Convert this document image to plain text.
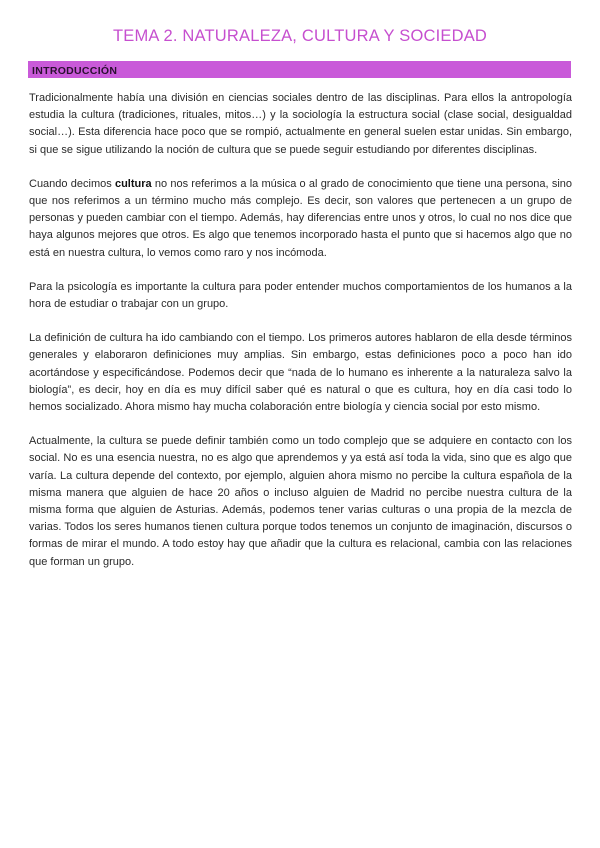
TEMA 2. NATURALEZA, CULTURA Y SOCIEDAD
INTRODUCCIÓN

Tradicionalmente había una división en ciencias sociales dentro de las disciplinas. Para ellos la antropología estudia la cultura (tradiciones, rituales, mitos…) y la sociología la estructura social (clase social, desigualdad social…). Esta diferencia hace poco que se rompió, actualmente en general suelen estar unidas. Sin embargo, si que se sigue utilizando la noción de cultura que se puede seguir estudiando por diferentes disciplinas.

Cuando decimos cultura no nos referimos a la música o al grado de conocimiento que tiene una persona, sino que nos referimos a un término mucho más complejo. Es decir, son valores que pertenecen a un grupo de personas y pueden cambiar con el tiempo. Además, hay diferencias entre unos y otros, lo cual no nos dice que haya algunos mejores que otros. Es algo que tenemos incorporado hasta el punto que si hacemos algo que no está en nuestra cultura, lo vemos como raro y nos incómoda.

Para la psicología es importante la cultura para poder entender muchos comportamientos de los humanos a la hora de estudiar o trabajar con un grupo.

La definición de cultura ha ido cambiando con el tiempo. Los primeros autores hablaron de ella desde términos generales y elaboraron definiciones muy amplias. Sin embargo, estas definiciones poco a poco han ido acortándose y especificándose. Podemos decir que “nada de lo humano es inherente a la naturaleza salvo la biología”, es decir, hoy en día es muy difícil saber qué es natural o que es cultura, hoy en día casi todo lo hemos socializado. Ahora mismo hay mucha colaboración entre biología y ciencia social por esto mismo.

Actualmente, la cultura se puede definir también como un todo complejo que se adquiere en contacto con los social. No es una esencia nuestra, no es algo que aprendemos y ya está así toda la vida, sino que es algo que varía. La cultura depende del contexto, por ejemplo, alguien ahora mismo no percibe la cultura española de la misma manera que alguien de hace 20 años o incluso alguien de Madrid no percibe nuestra cultura de la misma forma que alguien de Asturias. Además, podemos tener varias culturas o una propia de la mezcla de varias. Todos los seres humanos tienen cultura porque todos tenemos un conjunto de imaginación, discursos o formas de mirar el mundo. A todo estoy hay que añadir que la cultura es relacional, cambia con las relaciones que forman un grupo.
